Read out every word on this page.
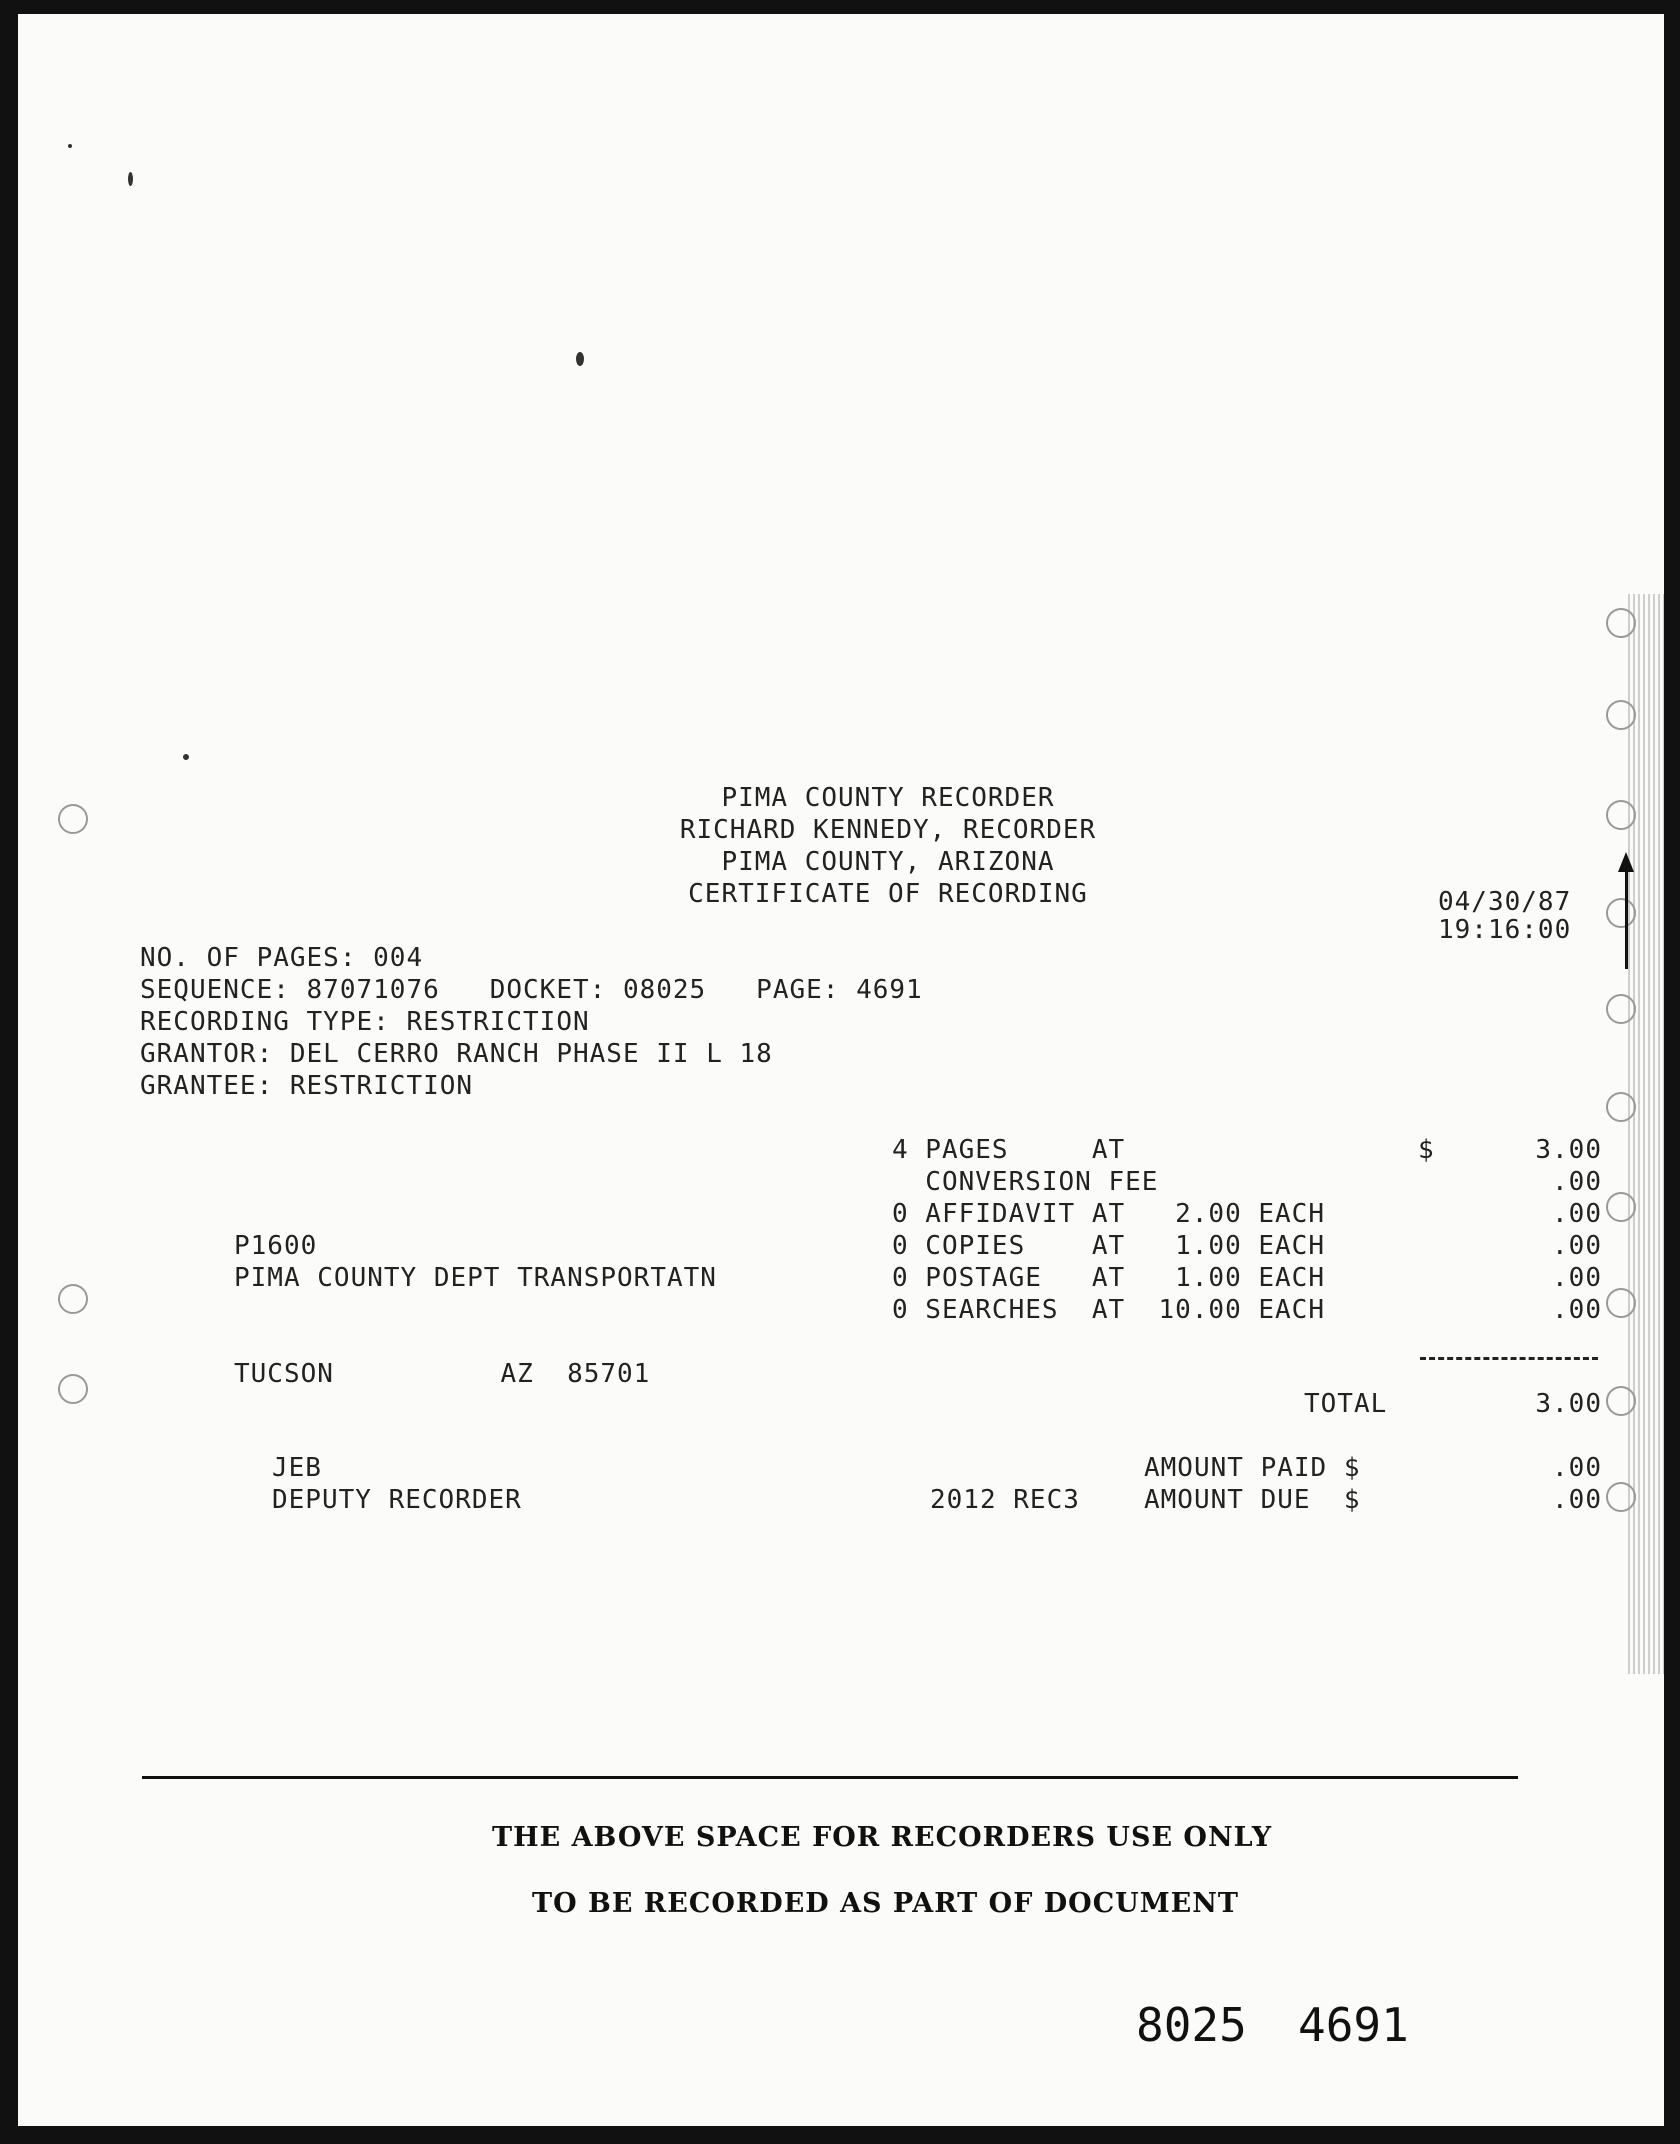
PIMA COUNTY RECORDER
RICHARD KENNEDY, RECORDER
PIMA COUNTY, ARIZONA
CERTIFICATE OF RECORDING	04/30/87
19:16:00
NO. OF PAGES: 004
SEQUENCE: 87071076   DOCKET: 08025   PAGE: 4691
RECORDING TYPE: RESTRICTION
GRANTOR: DEL CERRO RANCH PHASE II L 18
GRANTEE: RESTRICTION
4 PAGES     AT	$	3.00
CONVERSION FEE	.00
0 AFFIDAVIT AT   2.00 EACH	.00
0 COPIES    AT   1.00 EACH	.00
0 POSTAGE   AT   1.00 EACH	.00
0 SEARCHES  AT  10.00 EACH	.00
P1600
PIMA COUNTY DEPT TRANSPORTATN
TUCSON          AZ  85701
TOTAL	3.00
JEB	AMOUNT PAID $	.00
DEPUTY RECORDER	2012 REC3 AMOUNT DUE  $	.00
THE ABOVE SPACE FOR RECORDERS USE ONLY
TO BE RECORDED AS PART OF DOCUMENT
8025 4691
